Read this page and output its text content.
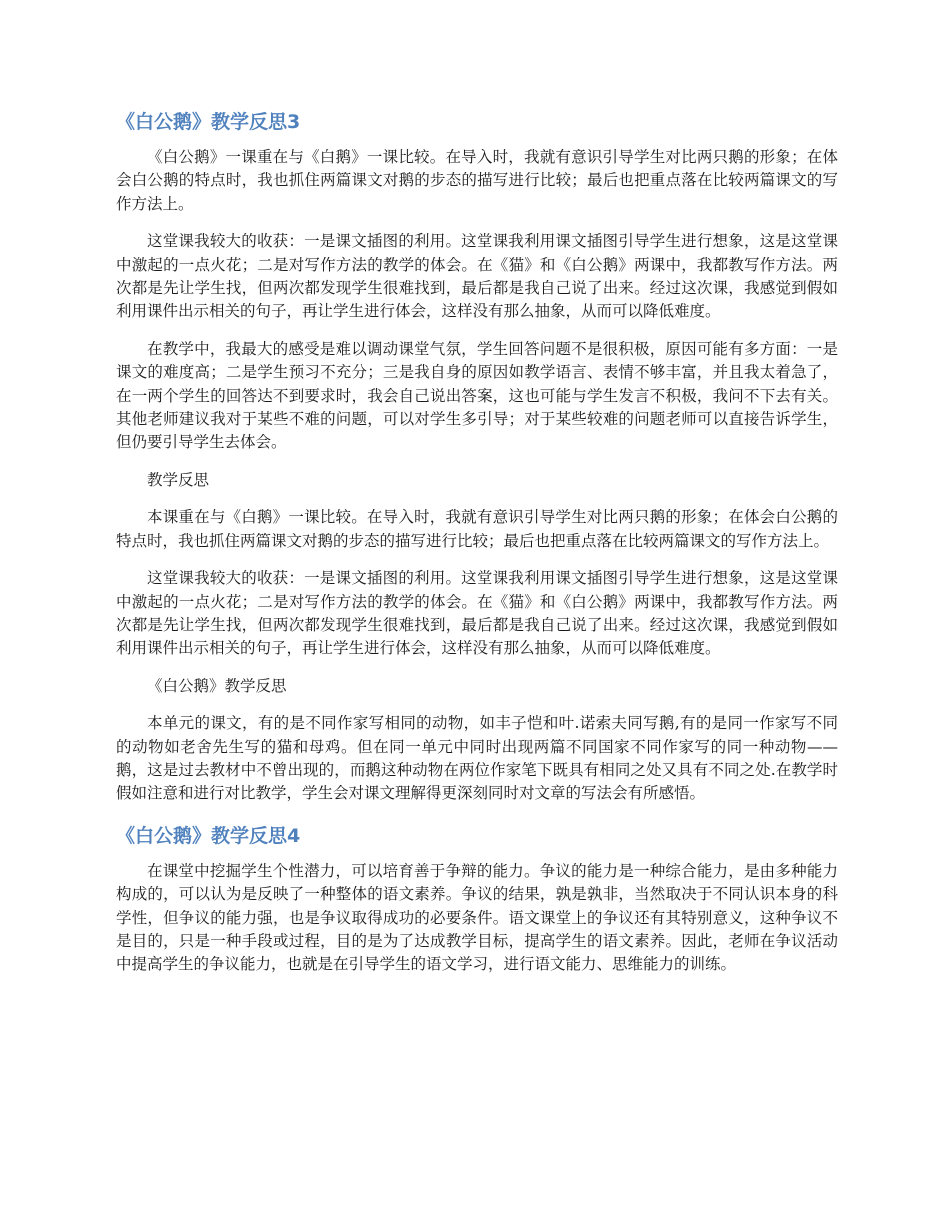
《白公鹅》教学反思3

《白公鹅》一课重在与《白鹅》一课比较。在导入时，我就有意识引导学生对比两只鹅的形象；在体会白公鹅的特点时，我也抓住两篇课文对鹅的步态的描写进行比较；最后也把重点落在比较两篇课文的写作方法上。

这堂课我较大的收获：一是课文插图的利用。这堂课我利用课文插图引导学生进行想象，这是这堂课中激起的一点火花；二是对写作方法的教学的体会。在《猫》和《白公鹅》两课中，我都教写作方法。两次都是先让学生找，但两次都发现学生很难找到，最后都是我自己说了出来。经过这次课，我感觉到假如利用课件出示相关的句子，再让学生进行体会，这样没有那么抽象，从而可以降低难度。

在教学中，我最大的感受是难以调动课堂气氛，学生回答问题不是很积极，原因可能有多方面：一是课文的难度高；二是学生预习不充分；三是我自身的原因如教学语言、表情不够丰富，并且我太着急了，在一两个学生的回答达不到要求时，我会自己说出答案，这也可能与学生发言不积极，我问不下去有关。其他老师建议我对于某些不难的问题，可以对学生多引导；对于某些较难的问题老师可以直接告诉学生，但仍要引导学生去体会。

教学反思

本课重在与《白鹅》一课比较。在导入时，我就有意识引导学生对比两只鹅的形象；在体会白公鹅的特点时，我也抓住两篇课文对鹅的步态的描写进行比较；最后也把重点落在比较两篇课文的写作方法上。

这堂课我较大的收获：一是课文插图的利用。这堂课我利用课文插图引导学生进行想象，这是这堂课中激起的一点火花；二是对写作方法的教学的体会。在《猫》和《白公鹅》两课中，我都教写作方法。两次都是先让学生找，但两次都发现学生很难找到，最后都是我自己说了出来。经过这次课，我感觉到假如利用课件出示相关的句子，再让学生进行体会，这样没有那么抽象，从而可以降低难度。

《白公鹅》教学反思

本单元的课文，有的是不同作家写相同的动物，如丰子恺和叶.诺索夫同写鹅,有的是同一作家写不同的动物如老舍先生写的猫和母鸡。但在同一单元中同时出现两篇不同国家不同作家写的同一种动物——鹅，这是过去教材中不曾出现的，而鹅这种动物在两位作家笔下既具有相同之处又具有不同之处.在教学时假如注意和进行对比教学，学生会对课文理解得更深刻同时对文章的写法会有所感悟。

《白公鹅》教学反思4

在课堂中挖掘学生个性潜力，可以培育善于争辩的能力。争议的能力是一种综合能力，是由多种能力构成的，可以认为是反映了一种整体的语文素养。争议的结果，孰是孰非，当然取决于不同认识本身的科学性，但争议的能力强，也是争议取得成功的必要条件。语文课堂上的争议还有其特别意义，这种争议不是目的，只是一种手段或过程，目的是为了达成教学目标，提高学生的语文素养。因此，老师在争议活动中提高学生的争议能力，也就是在引导学生的语文学习，进行语文能力、思维能力的训练。
